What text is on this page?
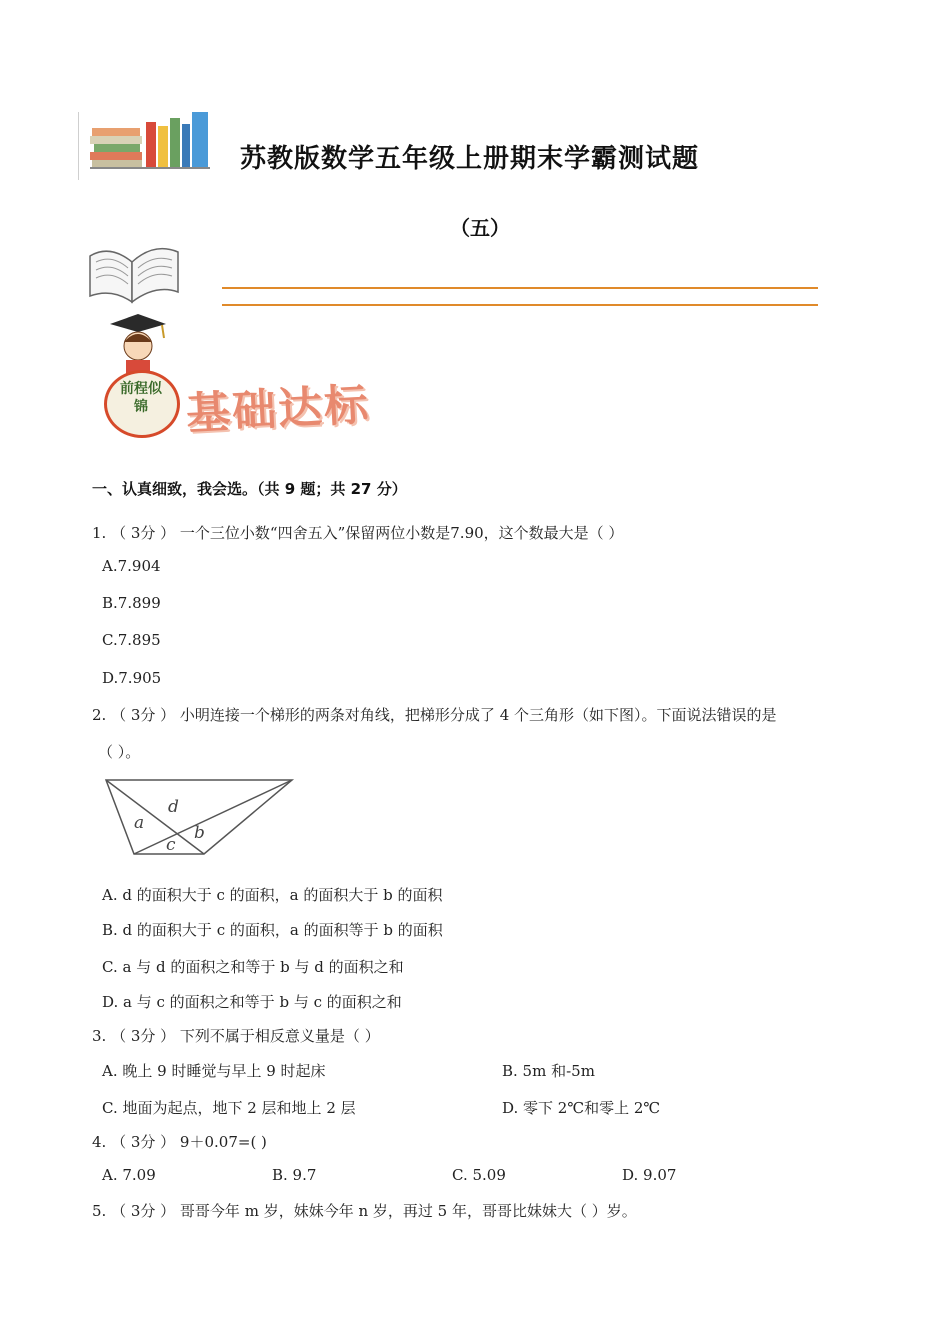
苏教版数学五年级上册期末学霸测试题
（五）
前程似锦 基础达标
一、认真细致，我会选。（共 9 题；共 27 分）
1. （ 3分 ） 一个三位小数“四舍五入”保留两位小数是7.90，这个数最大是（ ）
A.7.904
B.7.899
C.7.895
D.7.905
2. （ 3分 ） 小明连接一个梯形的两条对角线，把梯形分成了 4 个三角形（如下图）。下面说法错误的是
（ ）。
d
a	b
c
A. d 的面积大于 c 的面积，a 的面积大于 b 的面积
B. d 的面积大于 c 的面积，a 的面积等于 b 的面积
C. a 与 d 的面积之和等于 b 与 d 的面积之和
D. a 与 c 的面积之和等于 b 与 c 的面积之和
3. （ 3分 ） 下列不属于相反意义量是（ ）
A. 晚上 9 时睡觉与早上 9 时起床	B. 5m 和-5m
C. 地面为起点，地下 2 层和地上 2 层	D. 零下 2℃和零上 2℃
4. （ 3分 ） 9＋0.07=( )
A. 7.09	B. 9.7	C. 5.09	D. 9.07
5. （ 3分 ） 哥哥今年 m 岁，妹妹今年 n 岁，再过 5 年，哥哥比妹妹大（ ）岁。
